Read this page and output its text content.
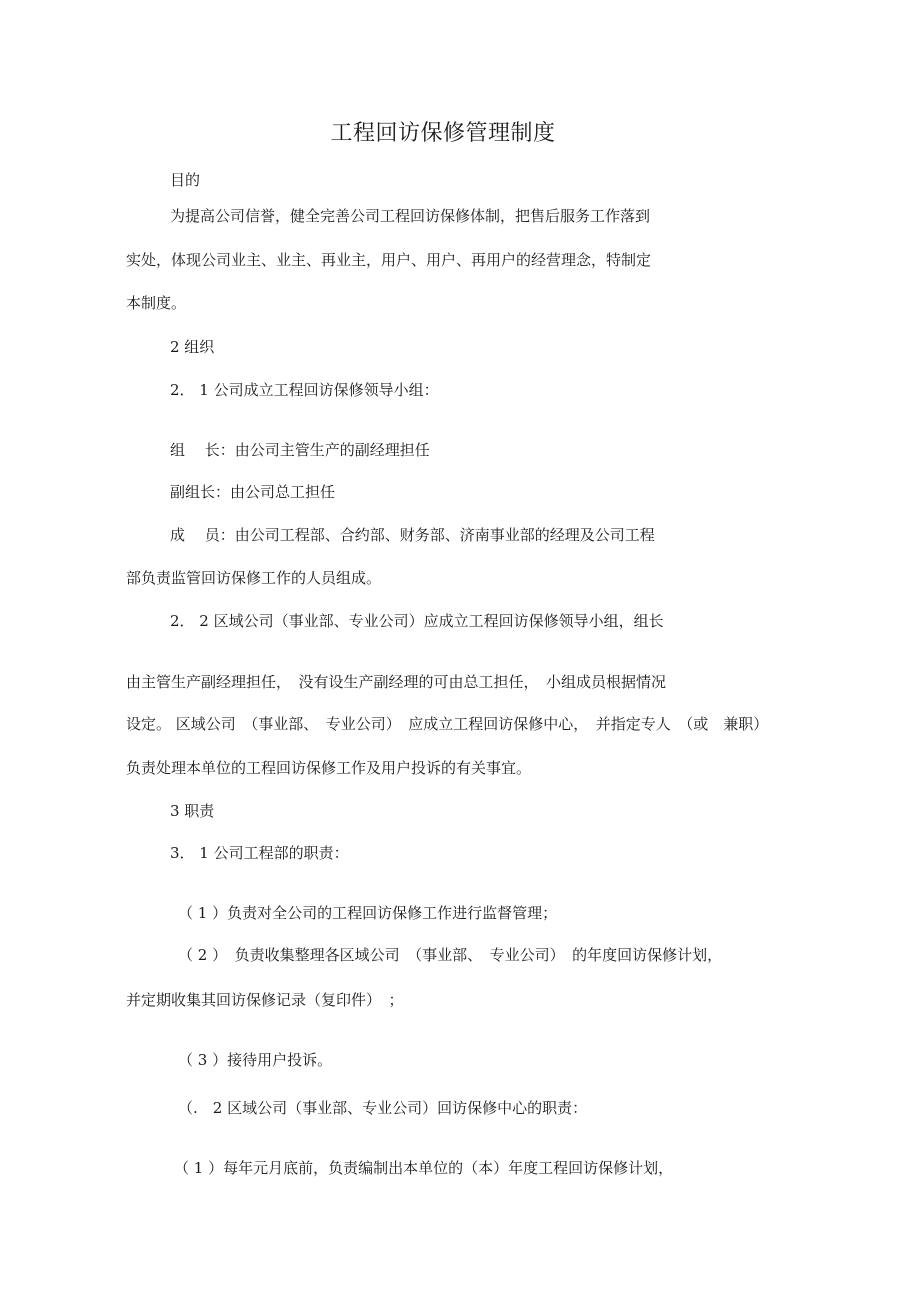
工程回访保修管理制度
目的
为提高公司信誉，健全完善公司工程回访保修体制，把售后服务工作落到
实处，体现公司业主、业主、再业主，用户、用户、再用户的经营理念，特制定
本制度。
2 组织
2． 1 公司成立工程回访保修领导小组：
组　 长：由公司主管生产的副经理担任
副组长：由公司总工担任
成　 员：由公司工程部、合约部、财务部、济南事业部的经理及公司工程
部负责监管回访保修工作的人员组成。
2． 2 区域公司（事业部、专业公司）应成立工程回访保修领导小组，组长
由主管生产副经理担任，　没有设生产副经理的可由总工担任，　小组成员根据情况
设定。 区域公司　（事业部、　专业公司）　应成立工程回访保修中心，　并指定专人　（或　兼职）
负责处理本单位的工程回访保修工作及用户投诉的有关事宜。
3 职责
3． 1 公司工程部的职责：
（ 1 ）负责对全公司的工程回访保修工作进行监督管理；
（ 2 ）　负责收集整理各区域公司　（事业部、　专业公司）　的年度回访保修计划，
并定期收集其回访保修记录（复印件）　；
（ 3 ）接待用户投诉。
（.　2 区域公司（事业部、专业公司）回访保修中心的职责：
（ 1 ）每年元月底前，负责编制出本单位的（本）年度工程回访保修计划，
